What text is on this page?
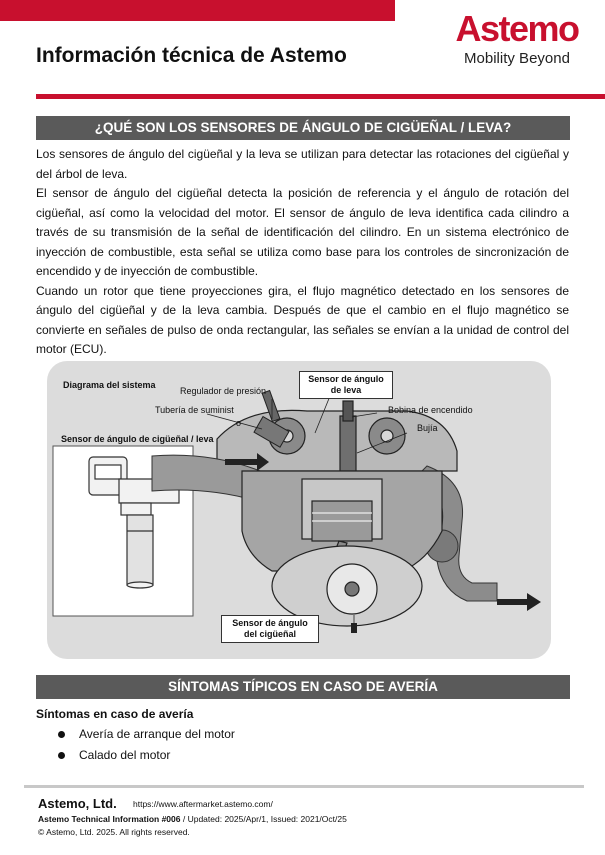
Información técnica de Astemo
Astemo
Mobility Beyond
¿QUÉ SON LOS SENSORES DE ÁNGULO DE CIGÜEÑAL / LEVA?

Los sensores de ángulo del cigüeñal y la leva se utilizan para detectar las rotaciones del cigüeñal y del árbol de leva.

El sensor de ángulo del cigüeñal detecta la posición de referencia y el ángulo de rotación del cigüeñal, así como la velocidad del motor. El sensor de ángulo de leva identifica cada cilindro a través de su transmisión de la señal de identificación del cilindro. En un sistema electrónico de inyección de combustible, esta señal se utiliza como base para los controles de sincronización de encendido y de inyección de combustible.

Cuando un rotor que tiene proyecciones gira, el flujo magnético detectado en los sensores de ángulo del cigüeñal y de la leva cambia. Después de que el cambio en el flujo magnético se convierte en señales de pulso de onda rectangular, las señales se envían a la unidad de control del motor (ECU).

Diagrama del sistema
Sensor de ángulo de cigüeñal / leva
Regulador de presión
Tubería de suminist
o
Sensor de ángulo
de leva
Bobina de encendido
Bujía
Sensor de ángulo
del cigüeñal
SÍNTOMAS TÍPICOS EN CASO DE AVERÍA
Síntomas en caso de avería
Avería de arranque del motor
Calado del motor
Astemo, Ltd. https://www.aftermarket.astemo.com/
Astemo Technical Information #006 / Updated: 2025/Apr/1, Issued: 2021/Oct/25
© Astemo, Ltd. 2025. All rights reserved.
